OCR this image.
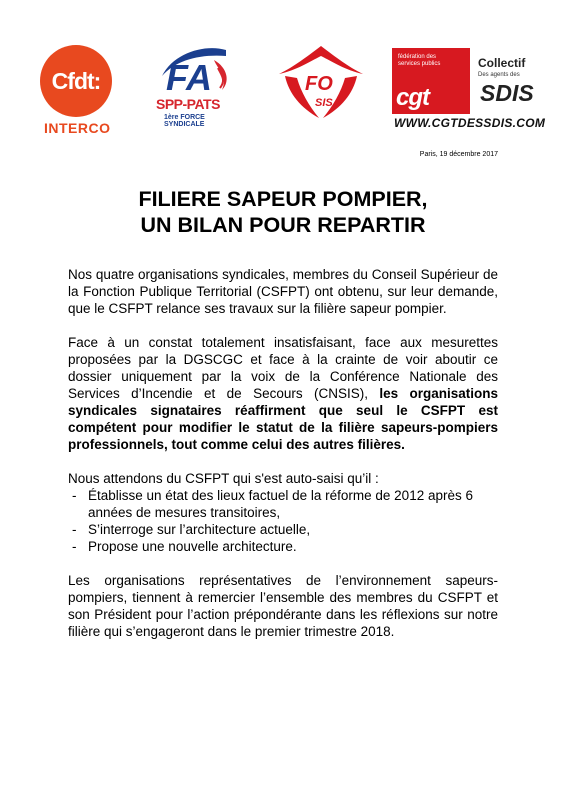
Cfdt:
INTERCO
FA
SPP-PATS
1ère FORCE SYNDICALE
FO
SIS
fédération des services publics
cgt
Collectif
Des agents des
SDIS
WWW.CGTDESSDIS.COM
Paris, 19 décembre 2017
FILIERE SAPEUR POMPIER,
UN BILAN POUR REPARTIR

Nos quatre organisations syndicales, membres du Conseil Supérieur de la Fonction Publique Territorial (CSFPT) ont obtenu, sur leur demande, que le CSFPT relance ses travaux sur la filière sapeur pompier.

Face à un constat totalement insatisfaisant, face aux mesurettes proposées par la DGSCGC et face à la crainte de voir aboutir ce dossier uniquement par la voix de la Conférence Nationale des Services d’Incendie et de Secours (CNSIS), les organisations syndicales signataires réaffirment que seul le CSFPT est compétent pour modifier le statut de la filière sapeurs-pompiers professionnels, tout comme celui des autres filières.

Nous attendons du CSFPT qui s'est auto-saisi qu’il :

- Établisse un état des lieux factuel de la réforme de 2012 après 6 années de mesures transitoires,
- S’interroge sur l’architecture actuelle,
- Propose une nouvelle architecture.

Les organisations représentatives de l’environnement sapeurs-pompiers, tiennent à remercier l’ensemble des membres du CSFPT et son Président pour l’action prépondérante dans les réflexions sur notre filière qui s’engageront dans le premier trimestre 2018.
